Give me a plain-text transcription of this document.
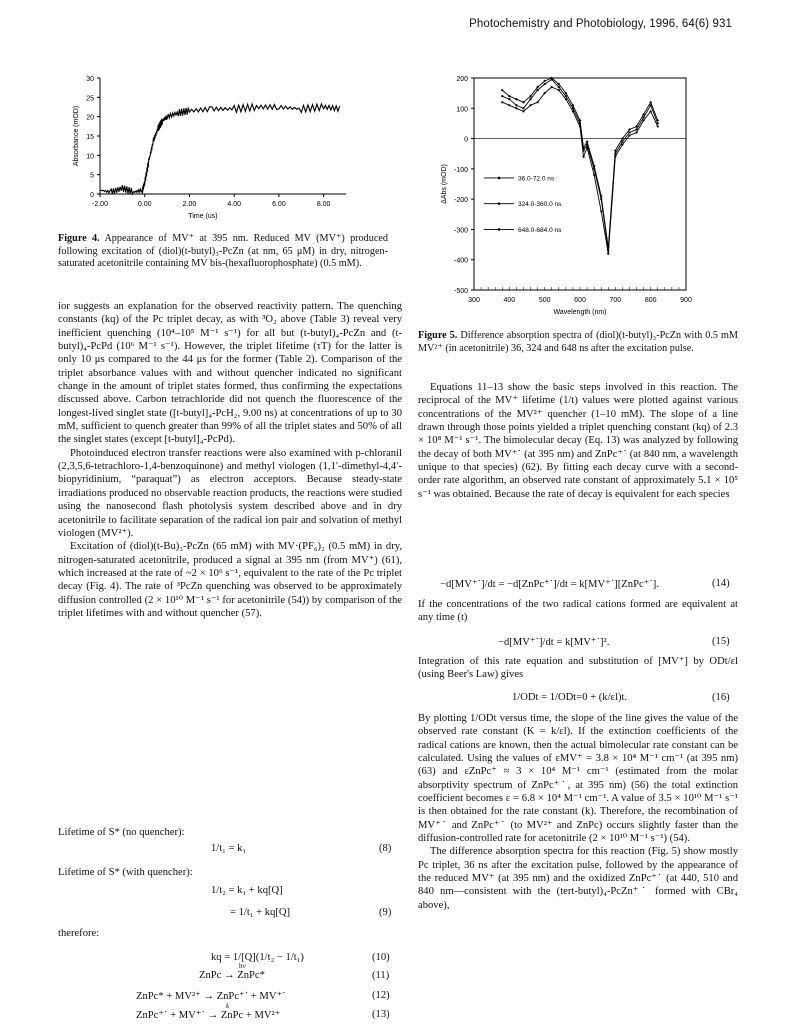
Photochemistry and Photobiology, 1996, 64(6) 931
0
5
10
15
20
25
30
-2.00	0.00	2.00	4.00	6.00	8.00
Time (us)
Absorbance (mOD)
Figure 4. Appearance of MV⁺ at 395 nm. Reduced MV (MV⁺) produced following excitation of (diol)(t-butyl)₃-PcZn (at nm, 65 μM) in dry, nitrogen-saturated acetonitrile containing MV bis-(hexafluorophosphate) (0.5 mM).
200
100
0
-100
-200
-300
-400
-500
300	400	500	600	700	800	900
Wavelength (nm)
ΔAbs (mOD)	36.0-72.0 ns
324.0-360.0 ns
648.0-684.0 ns
Figure 5. Difference absorption spectra of (diol)(t-butyl)₃-PcZn with 0.5 mM MV²⁺ (in acetonitrile) 36, 324 and 648 ns after the excitation pulse.

ior suggests an explanation for the observed reactivity pattern. The quenching constants (kq) of the Pc triplet decay, as with ³O₂ above (Table 3) reveal very inefficient quenching (10⁴–10⁵ M⁻¹ s⁻¹) for all but (t-butyl)₄-PcZn and (t-butyl)₄-PcPd (10⁶ M⁻¹ s⁻¹). However, the triplet lifetime (τT) for the latter is only 10 μs compared to the 44 μs for the former (Table 2). Comparison of the triplet absorbance values with and without quencher indicated no significant change in the amount of triplet states formed, thus confirming the expectations discussed above. Carbon tetrachloride did not quench the fluorescence of the longest-lived singlet state ([t-butyl]₄-PcH₂, 9.00 ns) at concentrations of up to 30 mM, sufficient to quench greater than 99% of all the triplet states and 50% of all the singlet states (except [t-butyl]₄-PcPd).

Photoinduced electron transfer reactions were also examined with p-chloranil (2,3,5,6-tetrachloro-1,4-benzoquinone) and methyl viologen (1,1′-dimethyl-4,4′-biopyridinium, “paraquat”) as electron acceptors. Because steady-state irradiations produced no observable reaction products, the reactions were studied using the nanosecond flash photolysis system described above and in dry acetonitrile to facilitate separation of the radical ion pair and solvation of methyl viologen (MV²⁺).

Excitation of (diol)(t-Bu)₃-PcZn (65 mM) with MV·(PF₆)₂ (0.5 mM) in dry, nitrogen-saturated acetonitrile, produced a signal at 395 nm (from MV⁺) (61), which increased at the rate of ~2 × 10⁶ s⁻¹, equivalent to the rate of the Pc triplet decay (Fig. 4). The rate of ³PcZn quenching was observed to be approximately diffusion controlled (2 × 10¹⁰ M⁻¹ s⁻¹ for acetonitrile (54)) by comparison of the triplet lifetimes with and without quencher (57).

Lifetime of S* (no quencher):
1/t₁ = k₁	(8)
Lifetime of S* (with quencher):
1/t₂ = k₁ + kq[Q]
= 1/t₁ + kq[Q]	(9)
therefore:
kq = 1/[Q](1/t₂ − 1/t₁)	(10)
hν
ZnPc → ZnPc*	(11)
ZnPc* + MV²⁺ → ZnPc⁺˙ + MV⁺˙	(12)
k
ZnPc⁺˙ + MV⁺˙ → ZnPc + MV²⁺	(13)

Equations 11–13 show the basic steps involved in this reaction. The reciprocal of the MV⁺ lifetime (1/t) values were plotted against various concentrations of the MV²⁺ quencher (1–10 mM). The slope of a line drawn through those points yielded a triplet quenching constant (kq) of 2.3 × 10⁸ M⁻¹ s⁻¹. The bimolecular decay (Eq. 13) was analyzed by following the decay of both MV⁺˙ (at 395 nm) and ZnPc⁺˙ (at 840 nm, a wavelength unique to that species) (62). By fitting each decay curve with a second-order rate algorithm, an observed rate constant of approximately 5.1 × 10⁵ s⁻¹ was obtained. Because the rate of decay is equivalent for each species

−d[MV⁺˙]/dt = −d[ZnPc⁺˙]/dt = k[MV⁺˙][ZnPc⁺˙].	(14)

If the concentrations of the two radical cations formed are equivalent at any time (t)

−d[MV⁺˙]/dt = k[MV⁺˙]².	(15)

Integration of this rate equation and substitution of [MV⁺] by ODt/εl (using Beer's Law) gives

1/ODt = 1/ODt=0 + (k/εl)t.	(16)

By plotting 1/ODt versus time, the slope of the line gives the value of the observed rate constant (K = k/εl). If the extinction coefficients of the radical cations are known, then the actual bimolecular rate constant can be calculated. Using the values of εMV⁺ = 3.8 × 10⁴ M⁻¹ cm⁻¹ (at 395 nm) (63) and εZnPc⁺ ≈ 3 × 10⁴ M⁻¹ cm⁻¹ (estimated from the molar absorptivity spectrum of ZnPc⁺˙, at 395 nm) (56) the total extinction coefficient becomes ε = 6.8 × 10⁴ M⁻¹ cm⁻¹. A value of 3.5 × 10¹⁰ M⁻¹ s⁻¹ is then obtained for the rate constant (k). Therefore, the recombination of MV⁺˙ and ZnPc⁺˙ (to MV²⁺ and ZnPc) occurs slightly faster than the diffusion-controlled rate for acetonitrile (2 × 10¹⁰ M⁻¹ s⁻¹) (54).

The difference absorption spectra for this reaction (Fig. 5) show mostly Pc triplet, 36 ns after the excitation pulse, followed by the appearance of the reduced MV⁺ (at 395 nm) and the oxidized ZnPc⁺˙ (at 440, 510 and 840 nm—consistent with the (tert-butyl)₄-PcZn⁺˙ formed with CBr₄ above),
